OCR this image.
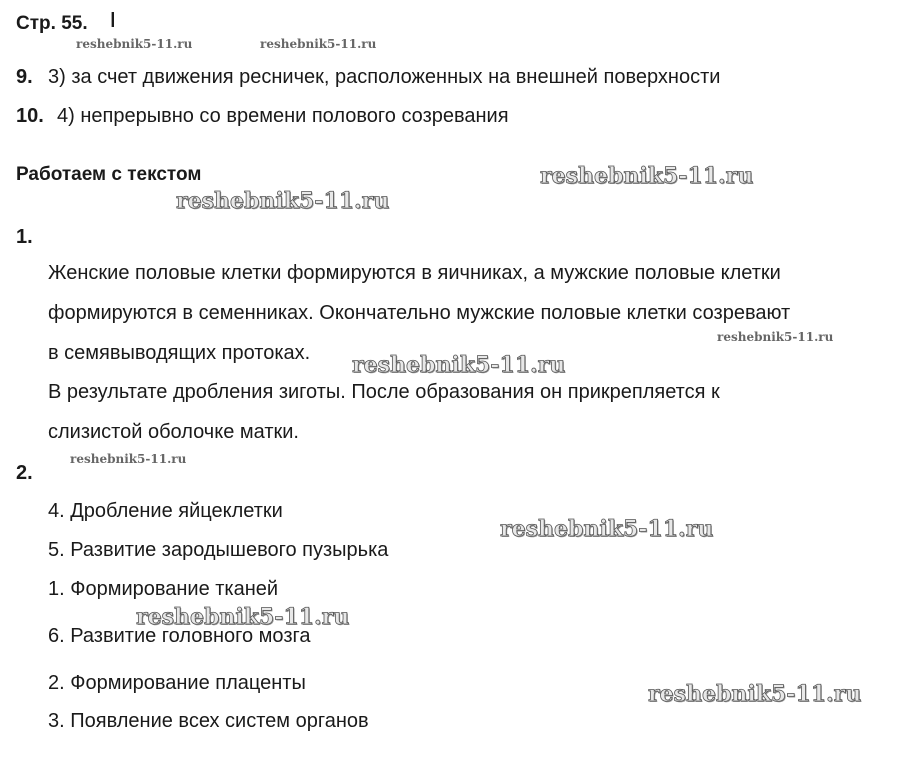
Стр. 55. ǀ
9. 3) за счет движения ресничек, расположенных на внешней поверхности
10. 4) непрерывно со времени полового созревания
Работаем с текстом
1.
Женские половые клетки формируются в яичниках, а мужские половые клетки
формируются в семенниках. Окончательно мужские половые клетки созревают
в семявыводящих протоках.
В результате дробления зиготы. После образования он прикрепляется к
слизистой оболочке матки.
2.
4. Дробление яйцеклетки
5. Развитие зародышевого пузырька
1. Формирование тканей
6. Развитие головного мозга
2. Формирование плаценты
3. Появление всех систем органов
reshebnik5-11.ru	reshebnik5-11.ru
reshebnik5-11.ru
reshebnik5-11.ru
reshebnik5-11.ru
reshebnik5-11.ru
reshebnik5-11.ru
reshebnik5-11.ru
reshebnik5-11.ru
reshebnik5-11.ru
